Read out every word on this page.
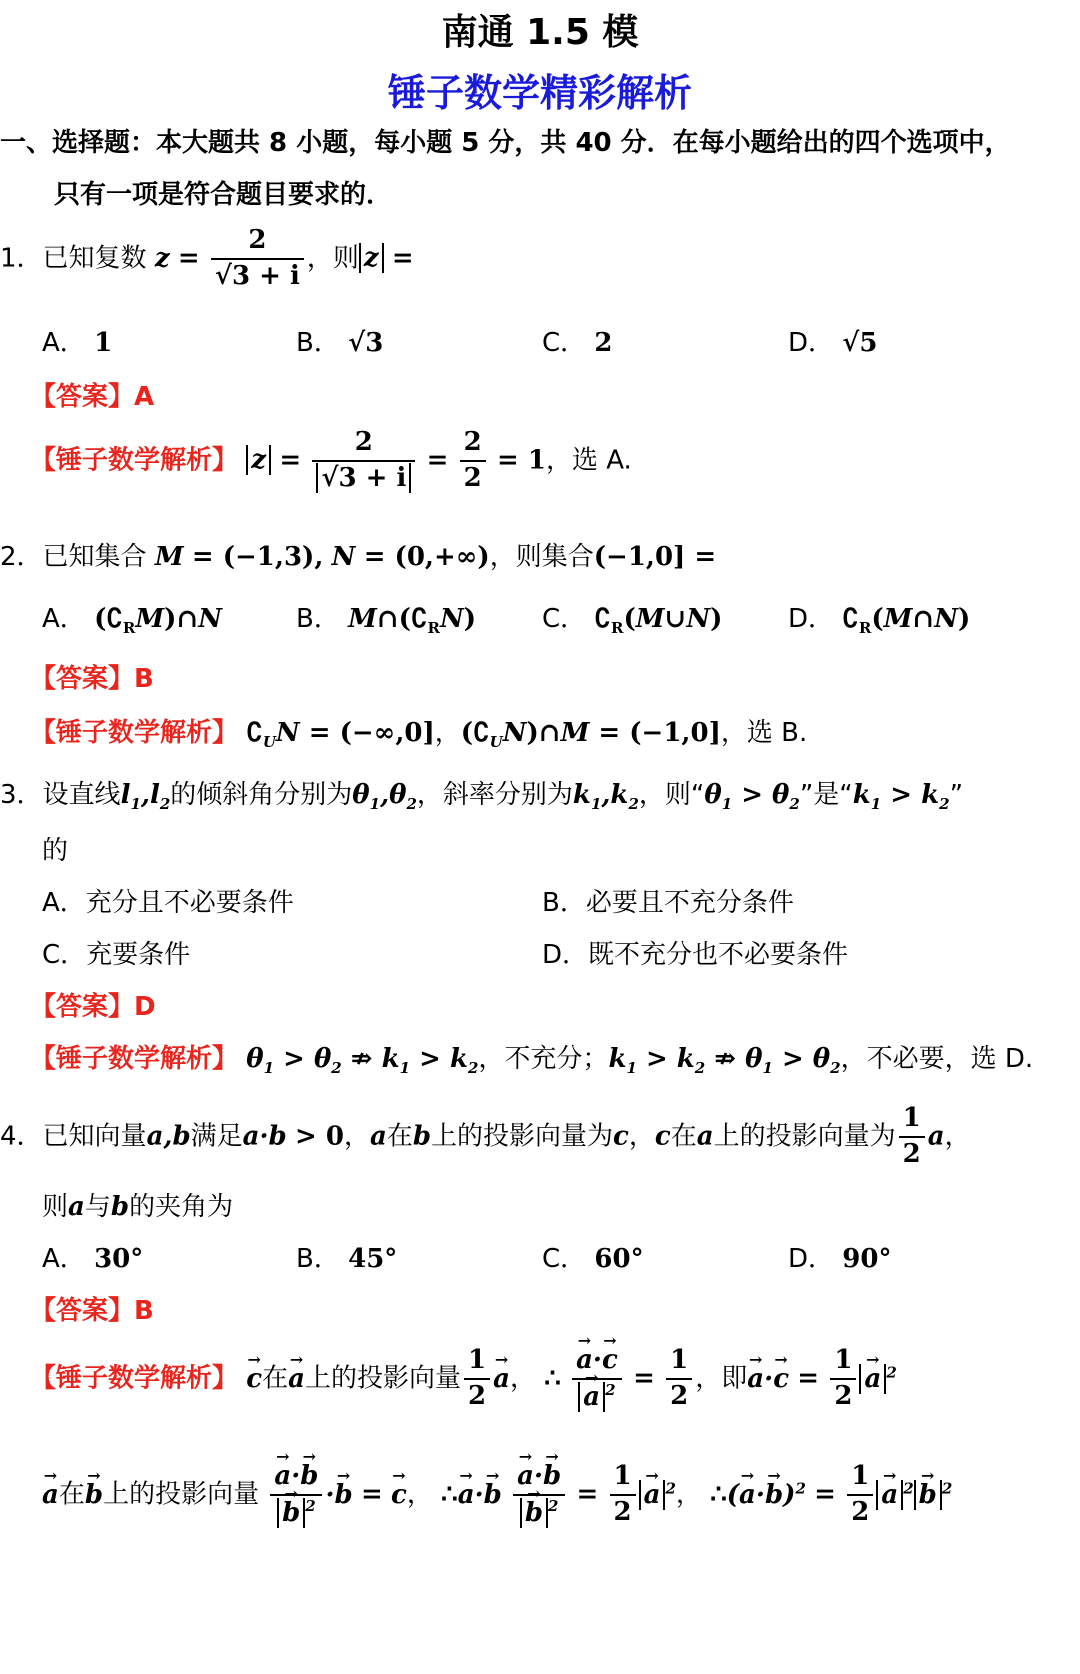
南通 1.5 模
锤子数学精彩解析
一、选择题：本大题共 8 小题，每小题 5 分，共 40 分．在每小题给出的四个选项中，
只有一项是符合题目要求的．
1．已知复数 $z = \frac{2}{√3 + i}$ ，则 z =
A． 1	B． √3	C． 2	D． √5
【答案】A
【锤子数学解析】 $z = \frac{2}{√3 + i} = \frac{2}{2} = 1$，选 A.
2．已知集合 M = (−1,3), N = (0,+∞)，则集合(−1,0] =
A． $(∁_RM)\cap N$	B． $M\cap(∁_RN)$	C． $∁_R(M\cup N)$	D． $∁_R(M\cap N)$
【答案】B
【锤子数学解析】 $∁_UN = (-\infty,0]$，$(∁_UN)\cap M = (-1,0]$，选 B.
3．设直线$l_1,l_2$的倾斜角分别为$\theta_1,\theta_2$，斜率分别为$k_1,k_2$，则“$\theta_1 > \theta_2$”是“$k_1 > k_2$”
的
A．充分且不必要条件	B．必要且不充分条件
C．充要条件	D．既不充分也不必要条件
【答案】D
【锤子数学解析】 $\theta_1 > \theta_2$ ⇏ $k_1 > k_2$，不充分；$k_1 > k_2$ ⇏ $\theta_1 > \theta_2$，不必要，选 D.
4．已知向量a,b满足a·b > 0，a在b上的投影向量为c，c在a上的投影向量为 $\frac{1}{2}$ a，
则a与b的夹角为
A． 30°	B． 45°	C． 60°	D． 90°
【答案】B
【锤子数学解析】 → c在→ a上的投影向量 $\frac{1}{2}$
→ a， ∴
→ a·→ c
→ a $^2 = \frac{1}{2}$ ，即→ $a\cdot\to c = \frac{1}{2}$
→ a $^2$
→ a在→ b上的投影向量
→ a·→ b
→ b $^2$ ·→ b = → c， ∴→ a·→ b
→ a·→ b
→ b $^2 = \frac{1}{2}$
→ a $^2$， ∴(→ $a\cdot\to b)^2 = \frac{1}{2}$
→ a $^2$→ b $^2$
